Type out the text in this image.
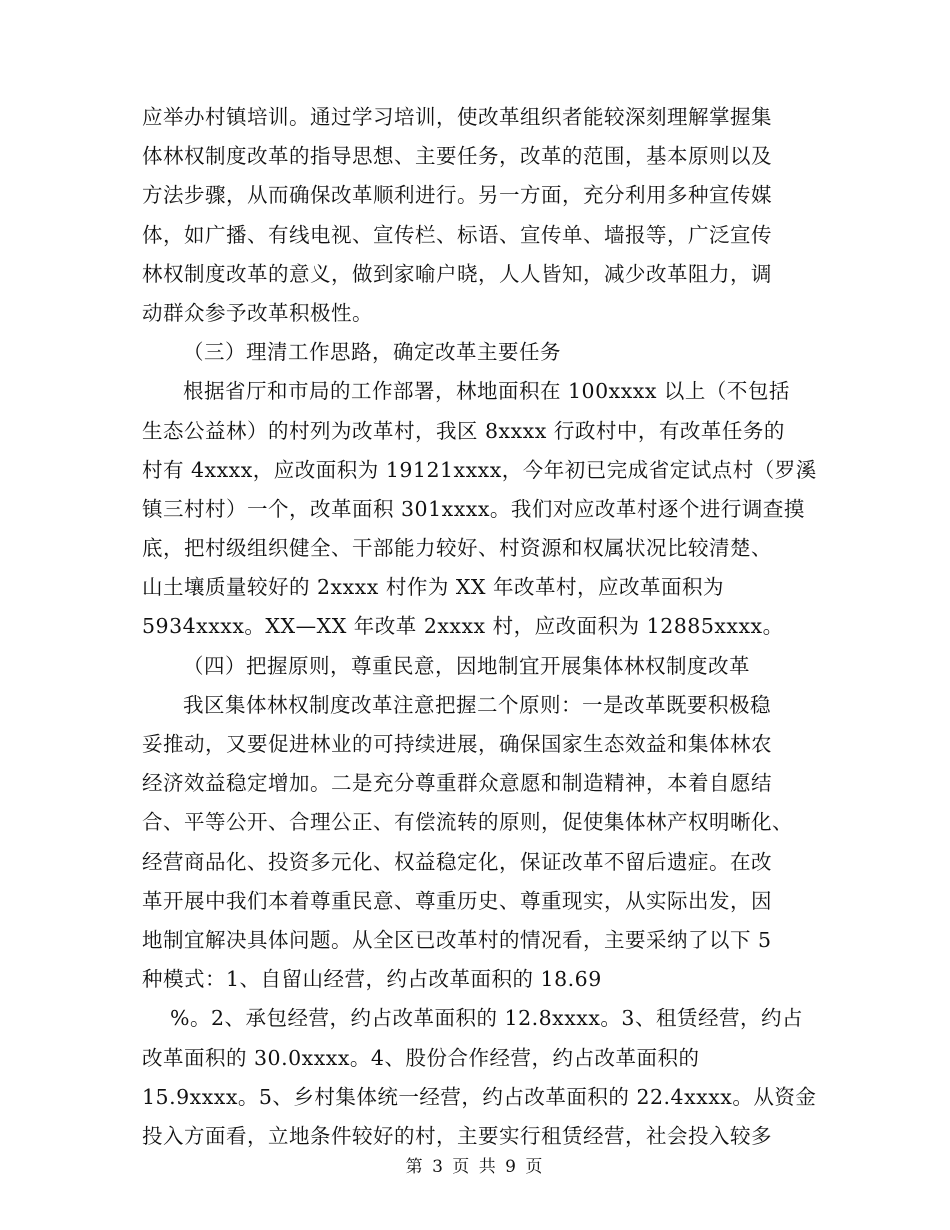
应举办村镇培训。通过学习培训，使改革组织者能较深刻理解掌握集
体林权制度改革的指导思想、主要任务，改革的范围，基本原则以及
方法步骤，从而确保改革顺利进行。另一方面，充分利用多种宣传媒
体，如广播、有线电视、宣传栏、标语、宣传单、墙报等，广泛宣传
林权制度改革的意义，做到家喻户晓，人人皆知，减少改革阻力，调
动群众参予改革积极性。
（三）理清工作思路，确定改革主要任务
根据省厅和市局的工作部署，林地面积在 100xxxx 以上（不包括
生态公益林）的村列为改革村，我区 8xxxx 行政村中，有改革任务的
村有 4xxxx，应改面积为 19121xxxx，今年初已完成省定试点村（罗溪
镇三村村）一个，改革面积 301xxxx。我们对应改革村逐个进行调查摸
底，把村级组织健全、干部能力较好、村资源和权属状况比较清楚、
山土壤质量较好的 2xxxx 村作为 XX 年改革村，应改革面积为
5934xxxx。XX—XX 年改革 2xxxx 村，应改面积为 12885xxxx。
（四）把握原则，尊重民意，因地制宜开展集体林权制度改革
我区集体林权制度改革注意把握二个原则：一是改革既要积极稳
妥推动，又要促进林业的可持续进展，确保国家生态效益和集体林农
经济效益稳定增加。二是充分尊重群众意愿和制造精神，本着自愿结
合、平等公开、合理公正、有偿流转的原则，促使集体林产权明晰化、
经营商品化、投资多元化、权益稳定化，保证改革不留后遗症。在改
革开展中我们本着尊重民意、尊重历史、尊重现实，从实际出发，因
地制宜解决具体问题。从全区已改革村的情况看，主要采纳了以下 5
种模式：1、自留山经营，约占改革面积的 18.69
%。2、承包经营，约占改革面积的 12.8xxxx。3、租赁经营，约占
改革面积的 30.0xxxx。4、股份合作经营，约占改革面积的
15.9xxxx。5、乡村集体统一经营，约占改革面积的 22.4xxxx。从资金
投入方面看，立地条件较好的村，主要实行租赁经营，社会投入较多
第 3 页 共 9 页
